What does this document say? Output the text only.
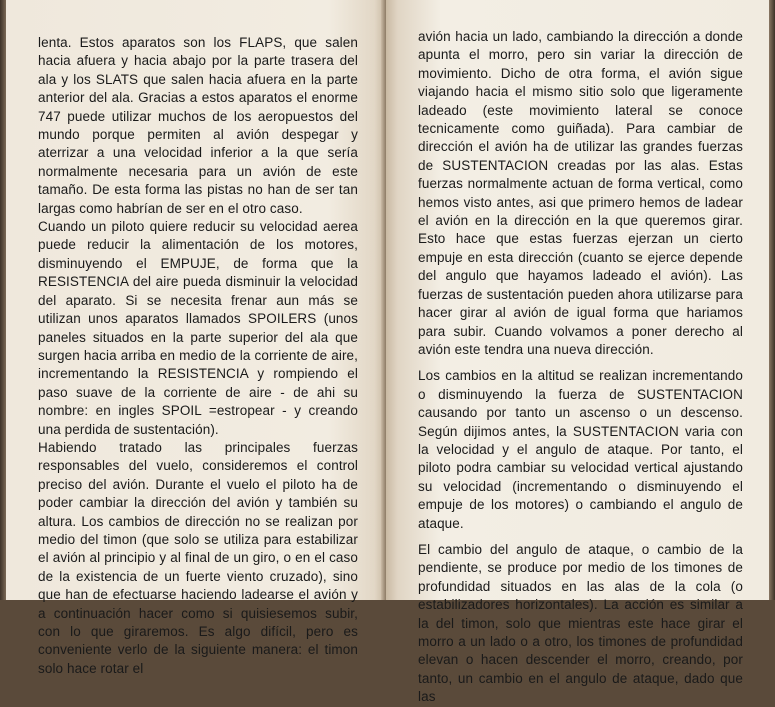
lenta. Estos aparatos son los FLAPS, que salen hacia afuera y hacia abajo por la parte trasera del ala y los SLATS que salen hacia afuera en la parte anterior del ala. Gracias a estos aparatos el enorme 747 puede utilizar muchos de los aeropuestos del mundo porque permiten al avión despegar y aterrizar a una velocidad inferior a la que sería normalmente necesaria para un avión de este tamaño. De esta forma las pistas no han de ser tan largas como habrían de ser en el otro caso.

Cuando un piloto quiere reducir su velocidad aerea puede reducir la alimentación de los motores, disminuyendo el EMPUJE, de forma que la RESISTENCIA del aire pueda disminuir la velocidad del aparato. Si se necesita frenar aun más se utilizan unos aparatos llamados SPOILERS (unos paneles situados en la parte superior del ala que surgen hacia arriba en medio de la corriente de aire, incrementando la RESISTENCIA y rompiendo el paso suave de la corriente de aire - de ahi su nombre: en ingles SPOIL =estropear - y creando una perdida de sustentación).

Habiendo tratado las principales fuerzas responsables del vuelo, consideremos el control preciso del avión. Durante el vuelo el piloto ha de poder cambiar la dirección del avión y también su altura. Los cambios de dirección no se realizan por medio del timon (que solo se utiliza para estabilizar el avión al principio y al final de un giro, o en el caso de la existencia de un fuerte viento cruzado), sino que han de efectuarse haciendo ladearse el avión y a continuación hacer como si quisiesemos subir, con lo que giraremos. Es algo difícil, pero es conveniente verlo de la siguiente manera: el timon solo hace rotar el

avión hacia un lado, cambiando la dirección a donde apunta el morro, pero sin variar la dirección de movimiento. Dicho de otra forma, el avión sigue viajando hacia el mismo sitio solo que ligeramente ladeado (este movimiento lateral se conoce tecnicamente como guiñada). Para cambiar de dirección el avión ha de utilizar las grandes fuerzas de SUSTENTACION creadas por las alas. Estas fuerzas normalmente actuan de forma vertical, como hemos visto antes, asi que primero hemos de ladear el avión en la dirección en la que queremos girar. Esto hace que estas fuerzas ejerzan un cierto empuje en esta dirección (cuanto se ejerce depende del angulo que hayamos ladeado el avión). Las fuerzas de sustentación pueden ahora utilizarse para hacer girar al avión de igual forma que hariamos para subir. Cuando volvamos a poner derecho al avión este tendra una nueva dirección.

Los cambios en la altitud se realizan incrementando o disminuyendo la fuerza de SUSTENTACION causando por tanto un ascenso o un descenso. Según dijimos antes, la SUSTENTACION varia con la velocidad y el angulo de ataque. Por tanto, el piloto podra cambiar su velocidad vertical ajustando su velocidad (incrementando o disminuyendo el empuje de los motores) o cambiando el angulo de ataque.

El cambio del angulo de ataque, o cambio de la pendiente, se produce por medio de los timones de profundidad situados en las alas de la cola (o estabilizadores horizontales). La acción es similar a la del timon, solo que mientras este hace girar el morro a un lado o a otro, los timones de profundidad elevan o hacen descender el morro, creando, por tanto, un cambio en el angulo de ataque, dado que las
